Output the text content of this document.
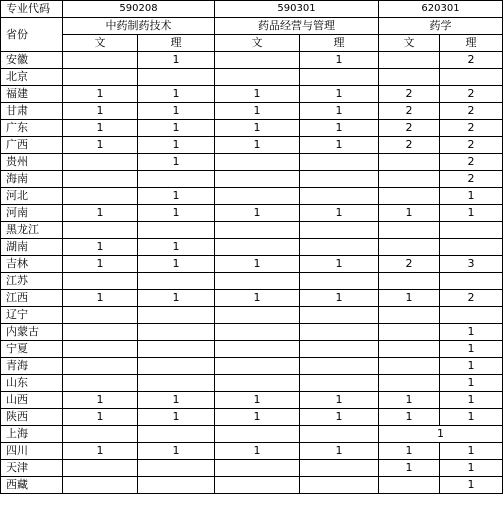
专业代码	590208		590301		620301	
省份	中药制药技术		药品经营与管理		药学	
	文	理	文	理	文	理
安徽		1		1		2
北京						
福建	1	1	1	1	2	2
甘肃	1	1	1	1	2	2
广东	1	1	1	1	2	2
广西	1	1	1	1	2	2
贵州		1				2
海南						2
河北		1				1
河南	1	1	1	1	1	1
黑龙江						
湖南	1	1				
吉林	1	1	1	1	2	3
江苏						
江西	1	1	1	1	1	2
辽宁						
内蒙古						1
宁夏						1
青海						1
山东						1
山西	1	1	1	1	1	1
陕西	1	1	1	1	1	1
上海					1	
四川	1	1	1	1	1	1
天津					1	1
西藏						1
